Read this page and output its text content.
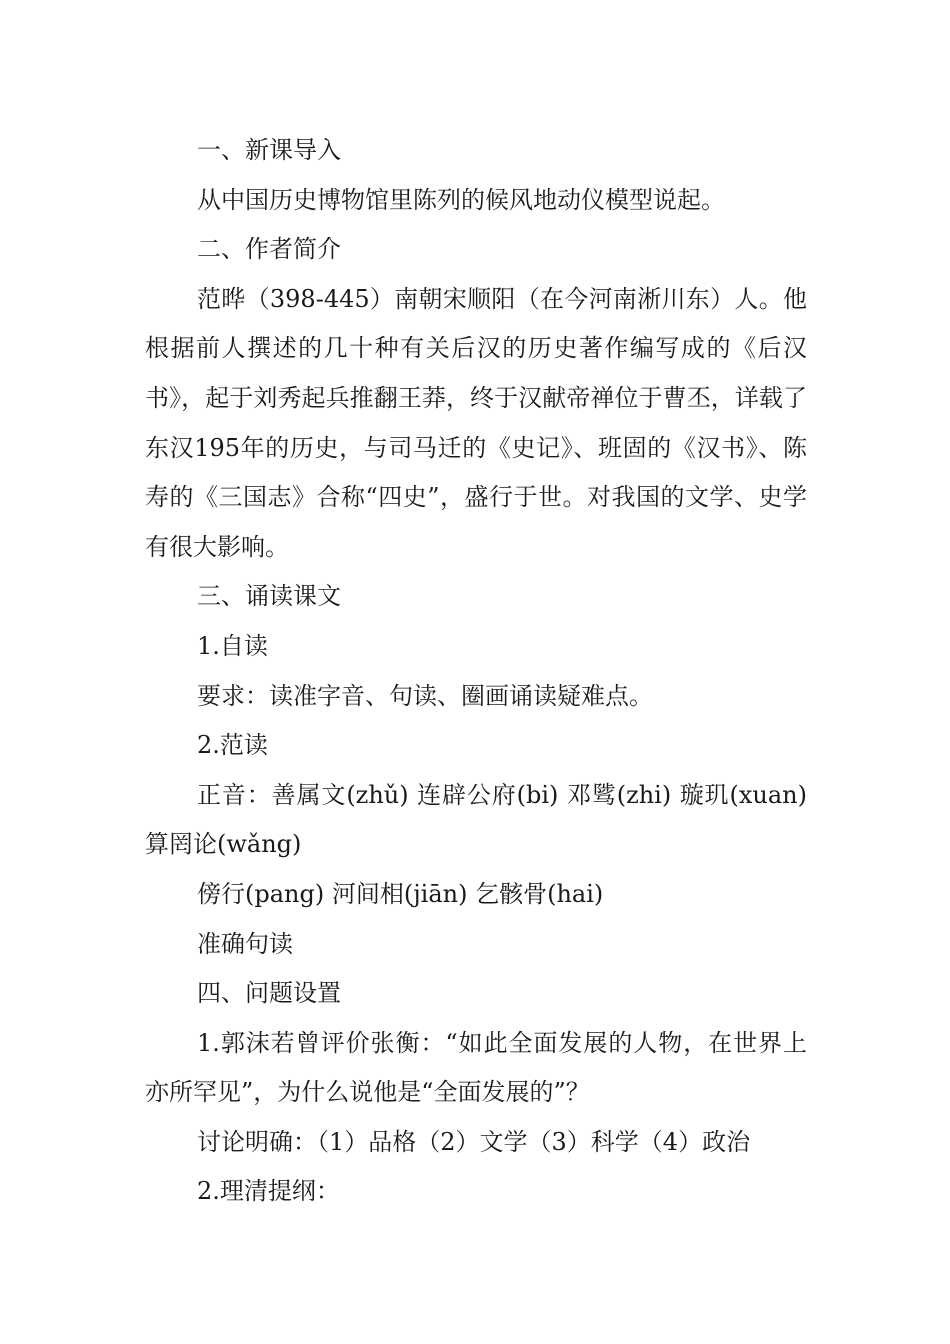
一、新课导入

从中国历史博物馆里陈列的候风地动仪模型说起。

二、作者简介

范晔（398-445）南朝宋顺阳（在今河南淅川东）人。他根据前人撰述的几十种有关后汉的历史著作编写成的《后汉书》，起于刘秀起兵推翻王莽，终于汉献帝禅位于曹丕，详载了东汉195年的历史，与司马迁的《史记》、班固的《汉书》、陈寿的《三国志》合称“四史”，盛行于世。对我国的文学、史学有很大影响。

三、诵读课文

1.自读

要求：读准字音、句读、圈画诵读疑难点。

2.范读

正音：善属文(zhǔ) 连辟公府(bi) 邓骘(zhi) 璇玑(xuan) 算罔论(wǎng)

傍行(pang) 河间相(jiān) 乞骸骨(hai)

准确句读

四、问题设置

1.郭沫若曾评价张衡：“如此全面发展的人物，在世界上亦所罕见”，为什么说他是“全面发展的”？

讨论明确：（1）品格（2）文学（3）科学（4）政治

2.理清提纲：
